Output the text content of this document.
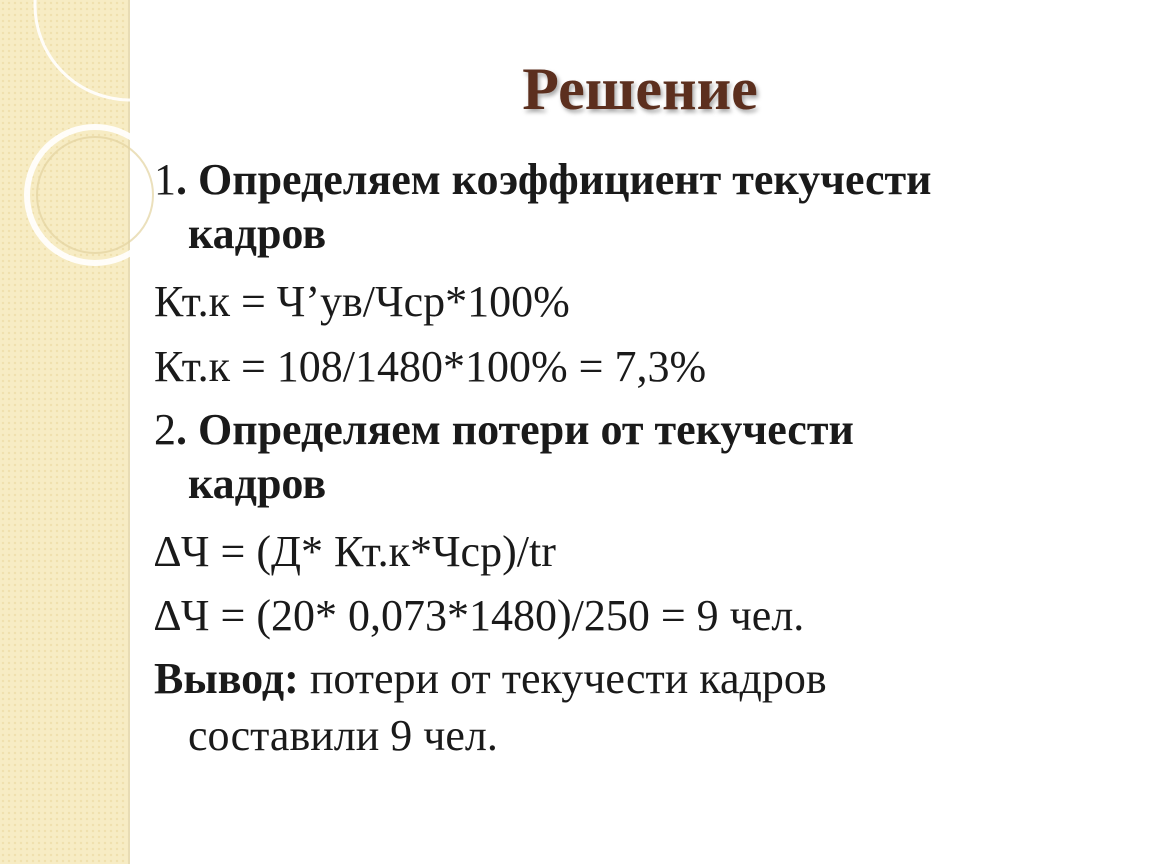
Решение
1. Определяем коэффициент текучести
кадров
Кт.к = Чʼув/Чср*100%
Кт.к = 108/1480*100% = 7,3%
2. Определяем потери от текучести
кадров
∆Ч = (Д* Кт.к*Чср)/tr
∆Ч = (20* 0,073*1480)/250 = 9 чел.
Вывод: потери от текучести кадров
составили 9 чел.
